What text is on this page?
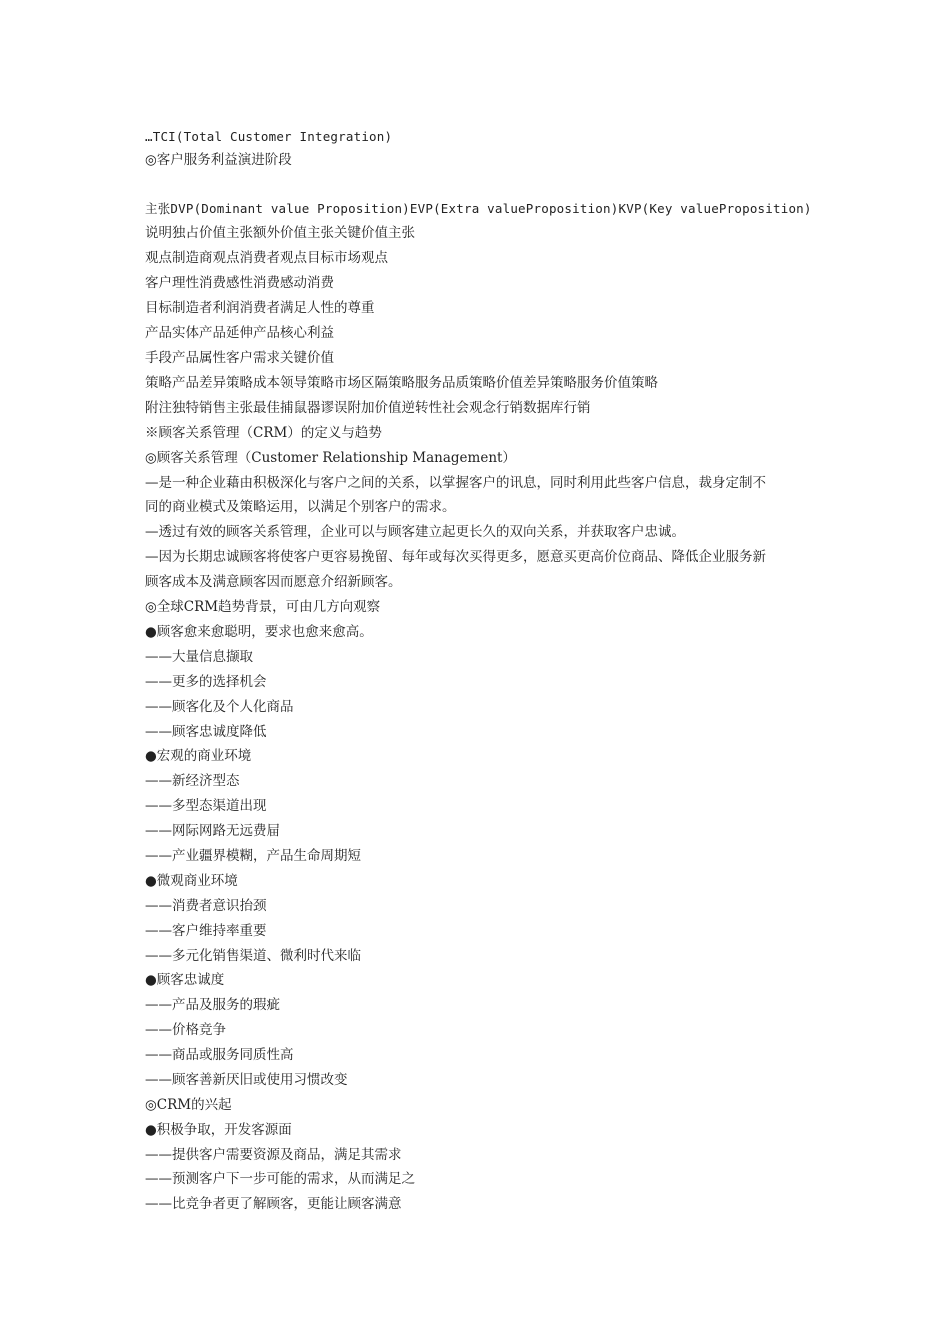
…TCI(Total Customer Integration)
◎客户服务利益演进阶段
主张DVP(Dominant value Proposition)EVP(Extra valueProposition)KVP(Key valueProposition)
说明独占价值主张额外价值主张关键价值主张
观点制造商观点消费者观点目标市场观点
客户理性消费感性消费感动消费
目标制造者利润消费者满足人性的尊重
产品实体产品延伸产品核心利益
手段产品属性客户需求关键价值
策略产品差异策略成本领导策略市场区隔策略服务品质策略价值差异策略服务价值策略
附注独特销售主张最佳捕鼠器谬误附加价值逆转性社会观念行销数据库行销
※顾客关系管理（CRM）的定义与趋势
◎顾客关系管理（Customer Relationship Management）
—是一种企业藉由积极深化与客户之间的关系，以掌握客户的讯息，同时利用此些客户信息，裁身定制不
同的商业模式及策略运用，以满足个别客户的需求。
—透过有效的顾客关系管理，企业可以与顾客建立起更长久的双向关系，并获取客户忠诚。
—因为长期忠诚顾客将使客户更容易挽留、每年或每次买得更多，愿意买更高价位商品、降低企业服务新
顾客成本及满意顾客因而愿意介绍新顾客。
◎全球CRM趋势背景，可由几方向观察
●顾客愈来愈聪明，要求也愈来愈高。
——大量信息撷取
——更多的选择机会
——顾客化及个人化商品
——顾客忠诚度降低
●宏观的商业环境
——新经济型态
——多型态渠道出现
——网际网路无远费屇
——产业疆界模糊，产品生命周期短
●微观商业环境
——消费者意识抬颈
——客户维持率重要
——多元化销售渠道、微利时代来临
●顾客忠诚度
——产品及服务的瑕疵
——价格竞争
——商品或服务同质性高
——顾客善新厌旧或使用习惯改变
◎CRM的兴起
●积极争取，开发客源面
——提供客户需要资源及商品，满足其需求
——预测客户下一步可能的需求，从而满足之
——比竞争者更了解顾客，更能让顾客满意
